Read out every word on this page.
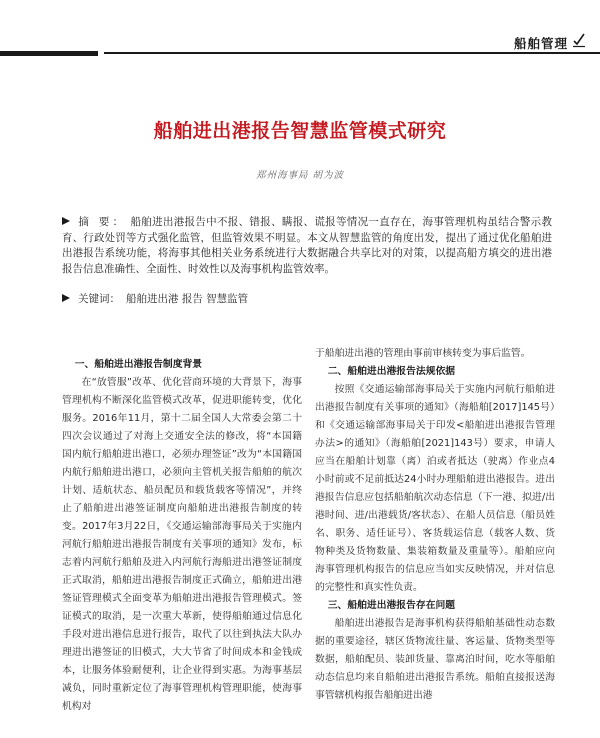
船舶管理
船舶进出港报告智慧监管模式研究
郑州海事局 胡为波
摘 要： 船舶进出港报告中不报、错报、瞒报、谎报等情况一直存在，海事管理机构虽结合警示教育、行政处罚等方式强化监管，但监管效果不明显。本文从智慧监管的角度出发，提出了通过优化船舶进出港报告系统功能，将海事其他相关业务系统进行大数据融合共享比对的对策，以提高船方填交的进出港报告信息准确性、全面性、时效性以及海事机构监管效率。
关键词： 船舶进出港 报告 智慧监管
一、船舶进出港报告制度背景

在“放管服”改革、优化营商环境的大背景下，海事管理机构不断深化监管模式改革，促进职能转变，优化服务。2016年11月，第十二届全国人大常委会第二十四次会议通过了对海上交通安全法的修改，将“本国籍国内航行船舶进出港口，必须办理签证”改为“本国籍国内航行船舶进出港口，必须向主管机关报告船舶的航次计划、适航状态、船员配员和载货载客等情况”，并终止了船舶进出港签证制度向船舶进出港报告制度的转变。2017年3月22日，《交通运输部海事局关于实施内河航行船舶进出港报告制度有关事项的通知》发布，标志着内河航行船舶及进入内河航行海船进出港签证制度正式取消，船舶进出港报告制度正式确立，船舶进出港签证管理模式全面变革为船舶进出港报告管理模式。签证模式的取消，是一次重大革新，使得船舶通过信息化手段对进出港信息进行报告，取代了以往到执法大队办理进出港签证的旧模式，大大节省了时间成本和金钱成本，让服务体验耐便利，让企业得到实惠。为海事基层减负，同时重新定位了海事管理机构管理职能，使海事机构对

于船舶进出港的管理由事前审核转变为事后监管。

二、船舶进出港报告法规依据

按照《交通运输部海事局关于实施内河航行船舶进出港报告制度有关事项的通知》（海船舶[2017]145号）和《交通运输部海事局关于印发<船舶进出港报告管理办法>的通知》（海船舶[2021]143号）要求，申请人应当在船舶计划靠（离）泊或者抵达（驶离）作业点4小时前或不足前抵达24小时办理船舶进出港报告。进出港报告信息应包括船舶航次动态信息（下一港、拟进/出港时间、进/出港载货/客状态）、在船人员信息（船员姓名、职务、适任证号）、客货载运信息（载客人数、货物种类及货物数量、集装箱数量及重量等）。船舶应向海事管理机构报告的信息应当如实反映情况，并对信息的完整性和真实性负责。

三、船舶进出港报告存在问题

船舶进出港报告是海事机构获得船舶基础性动态数据的重要途径，辖区货物流往量、客运量、货物类型等数据，船舶配员、装卸货量、靠离泊时间，吃水等船舶动态信息均来自船舶进出港报告系统。船舶直接报送海事管辖机构报告船舶进出港
